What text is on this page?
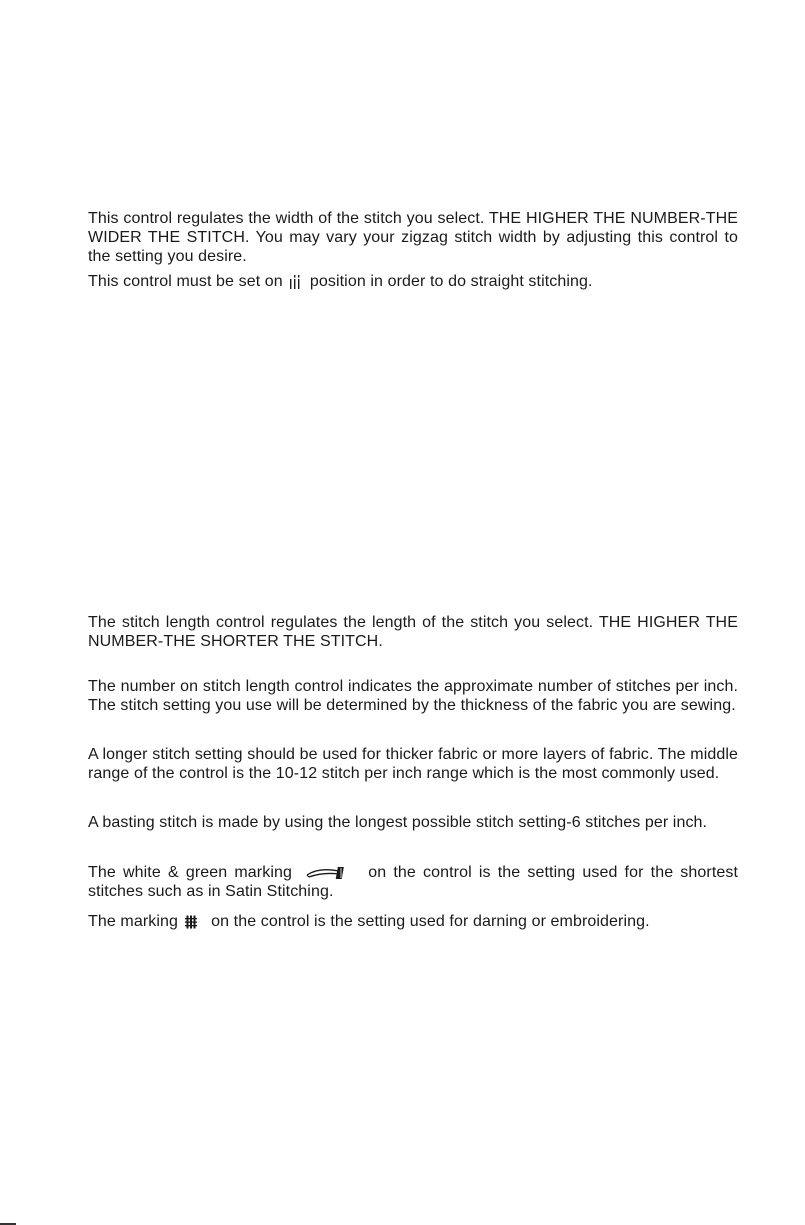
This control regulates the width of the stitch you select. THE HIGHER THE NUMBER-THE WIDER THE STITCH. You may vary your zigzag stitch width by adjusting this control to the setting you desire.

This control must be set on position in order to do straight stitching.

The stitch length control regulates the length of the stitch you select. THE HIGHER THE NUMBER-THE SHORTER THE STITCH.

The number on stitch length control indicates the approximate number of stitches per inch. The stitch setting you use will be determined by the thickness of the fabric you are sewing.

A longer stitch setting should be used for thicker fabric or more layers of fabric. The middle range of the control is the 10-12 stitch per inch range which is the most commonly used.

A basting stitch is made by using the longest possible stitch setting-6 stitches per inch.

The white & green marking	on the control is the setting used for the shortest stitches such as in Satin Stitching.

The marking on the control is the setting used for darning or embroidering.
